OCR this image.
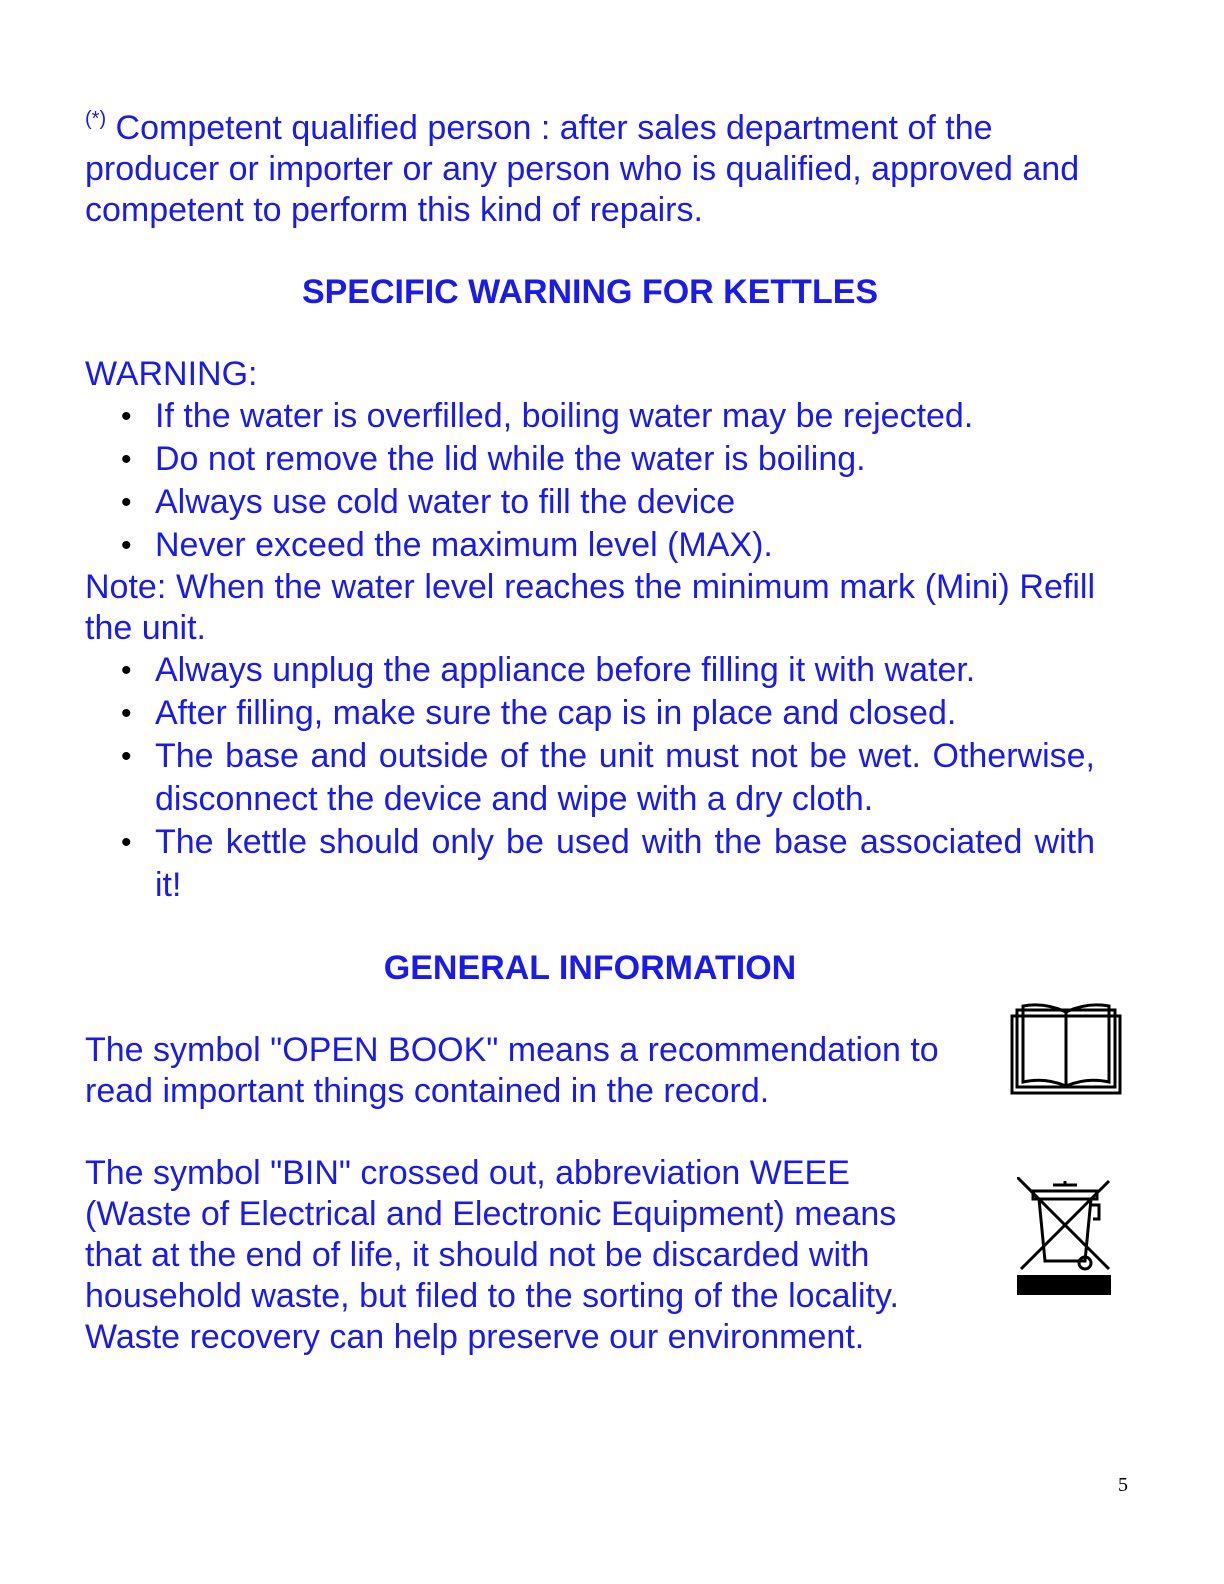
(*) Competent qualified person : after sales department of the producer or importer or any person who is qualified, approved and competent to perform this kind of repairs.
SPECIFIC WARNING FOR KETTLES
WARNING:
• If the water is overfilled, boiling water may be rejected.
• Do not remove the lid while the water is boiling.
• Always use cold water to fill the device
• Never exceed the maximum level (MAX).
Note: When the water level reaches the minimum mark (Mini) Refill the unit.
• Always unplug the appliance before filling it with water.
• After filling, make sure the cap is in place and closed.
• The base and outside of the unit must not be wet. Otherwise, disconnect the device and wipe with a dry cloth.
• The kettle should only be used with the base associated with it!
GENERAL INFORMATION
The symbol "OPEN BOOK" means a recommendation to read important things contained in the record.
The symbol "BIN" crossed out, abbreviation WEEE (Waste of Electrical and Electronic Equipment) means that at the end of life, it should not be discarded with household waste, but filed to the sorting of the locality. Waste recovery can help preserve our environment.
5
